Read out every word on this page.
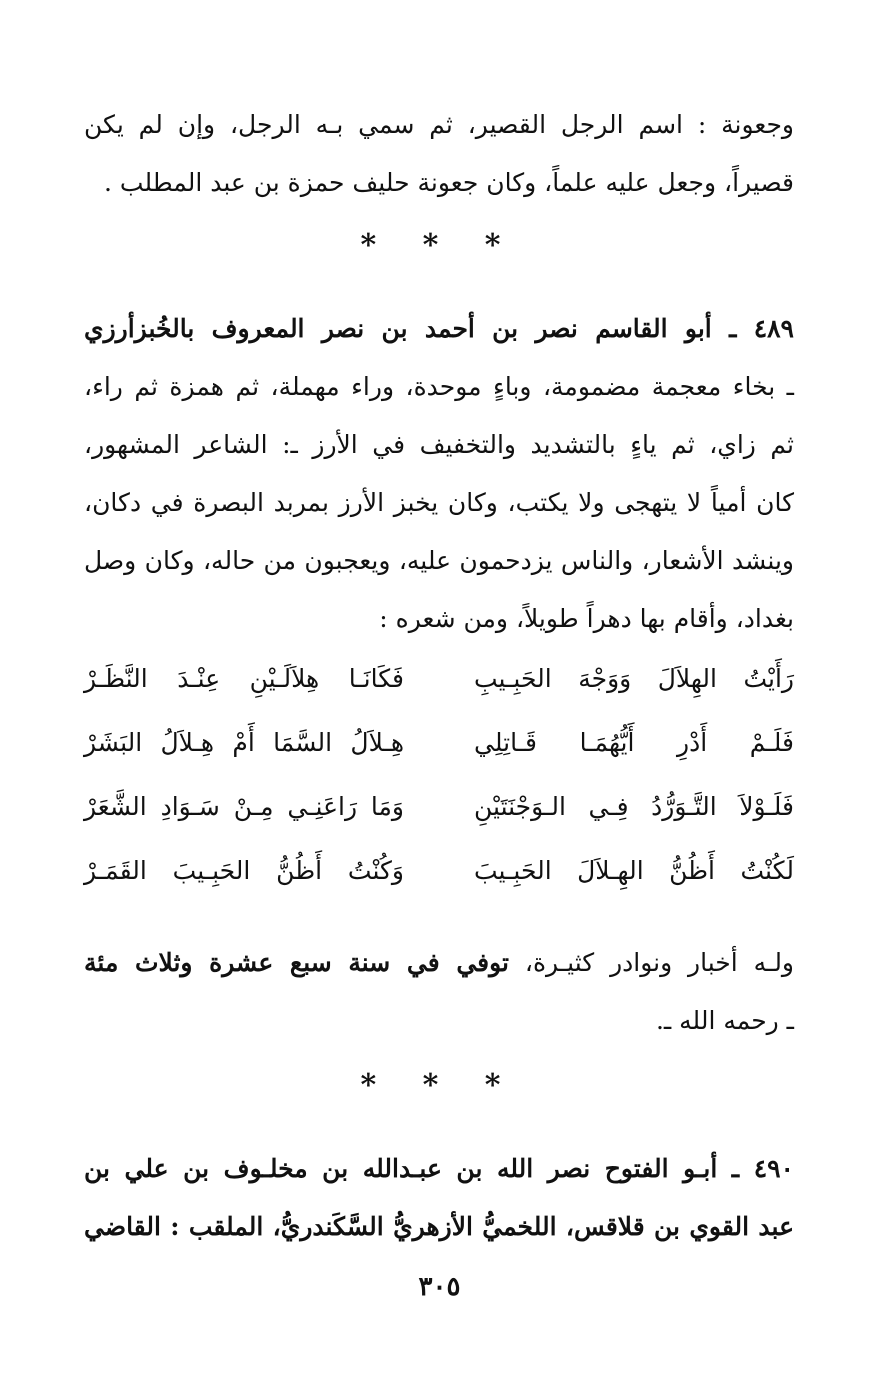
وجعونة : اسم الرجل القصير، ثم سمي بـه الرجل، وإن لم يكن
قصيراً، وجعل عليه علماً، وكان جعونة حليف حمزة بن عبد المطلب .
* * *
٤٨٩ ـ أبو القاسم نصر بن أحمد بن نصر المعروف بالخُبزأرزي
ـ بخاء معجمة مضمومة، وباءٍ موحدة، وراء مهملة، ثم همزة ثم راء،
ثم زاي، ثم ياءٍ بالتشديد والتخفيف في الأرز ـ: الشاعر المشهور،
كان أمياً لا يتهجى ولا يكتب، وكان يخبز الأرز بمربد البصرة في دكان،
وينشد الأشعار، والناس يزدحمون عليه، ويعجبون من حاله، وكان وصل
بغداد، وأقام بها دهراً طويلاً، ومن شعره :
رَأَيْتُ الهِلاَلَ وَوَجْهَ الحَبِـيبِ
فَكَانَـا هِلاَلَـيْنِ عِنْـدَ النَّظَـرْ
فَلَـمْ أَدْرِ أَيُّهُمَـا قَـاتِلِي
هِـلاَلُ السَّمَا أَمْ هِـلاَلُ البَشَرْ
فَلَـوْلاَ التَّـوَرُّدُ فِـي الـوَجْنَتَيْنِ
وَمَا رَاعَنِـي مِـنْ سَـوَادِ الشَّعَرْ
لَكُنْتُ أَظُنُّ الهِـلاَلَ الحَبِـيبَ
وَكُنْتُ أَظُنُّ الحَبِـيبَ القَمَـرْ
ولـه أخبار ونوادر كثيـرة، توفي في سنة سبع عشرة وثلاث مئة
ـ رحمه الله ـ.
* * *
٤٩٠ ـ أبـو الفتوح نصر الله بن عبـدالله بن مخلـوف بن علي بن
عبد القوي بن قلاقس، اللخميُّ الأزهريُّ السَّكَندريُّ، الملقب : القاضي
٣٠٥
